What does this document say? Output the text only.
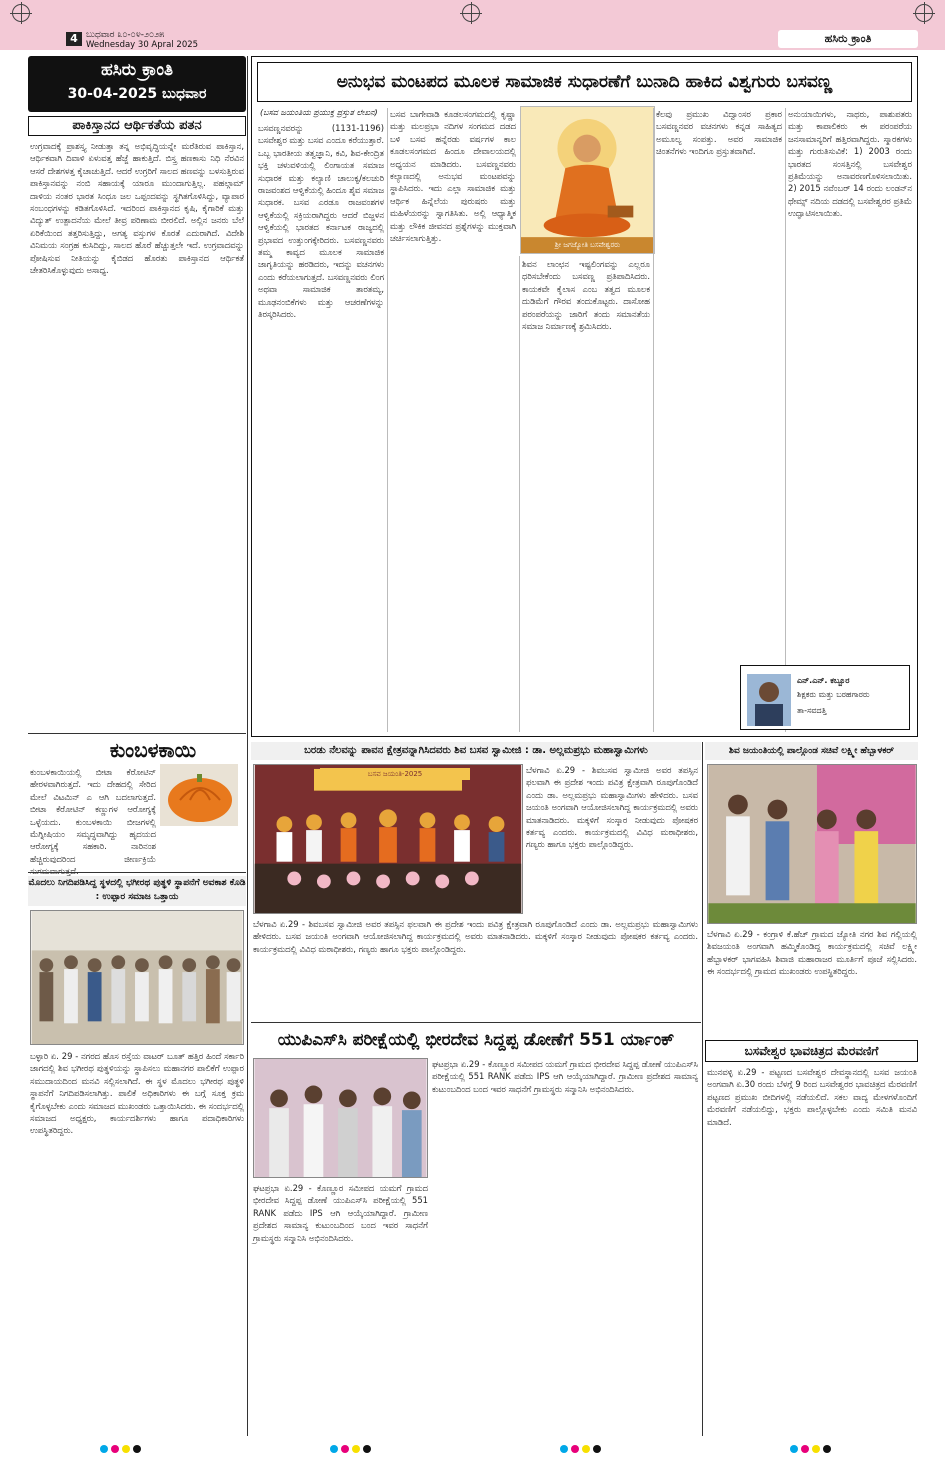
4 ಬುಧವಾರ ೩೦-೦೪-೨೦೨೫
Wednesday 30 Apral 2025	ಹಸಿರು ಕ್ರಾಂತಿ
ಹಸಿರು ಕ್ರಾಂತಿ
30-04-2025 ಬುಧವಾರ
ಪಾಕಿಸ್ತಾನದ ಆರ್ಥಿಕತೆಯ ಪತನ
ಉಗ್ರವಾದಕ್ಕೆ ಪ್ರಾಶಸ್ತ್ಯ ನೀಡುತ್ತಾ ತನ್ನ ಅಭಿವೃದ್ಧಿಯನ್ನೇ ಮರೆತಿರುವ ಪಾಕಿಸ್ತಾನ, ಆರ್ಥಿಕವಾಗಿ ದಿವಾಳಿ ಏಳುವತ್ತ ಹೆಜ್ಜೆ ಹಾಕುತ್ತಿದೆ. ಬಿಸ್ತ್ರ ಹಣಕಾಸು ನಿಧಿ ನೆರವಿನ ಆಸರೆ ದೇಶಗಳತ್ತ ಕೈಚಾಚುತ್ತಿದೆ. ಆದರೆ ಉಗ್ರರಿಗೆ ಸಾಲದ ಹಣವನ್ನು ಬಳಸುತ್ತಿರುವ ಪಾಕಿಸ್ತಾನವನ್ನು ನಂಬಿ ಸಹಾಯಕ್ಕೆ ಯಾರೂ ಮುಂದಾಗುತ್ತಿಲ್ಲ. ಪಹಲ್ಗಾಮ್ ದಾಳಿಯ ನಂತರ ಭಾರತ ಸಿಂಧೂ ಜಲ ಒಪ್ಪಂದವನ್ನು ಸ್ಥಗಿತಗೊಳಿಸಿದ್ದು, ವ್ಯಾಪಾರ ಸಂಬಂಧಗಳನ್ನು ಕಡಿತಗೊಳಿಸಿದೆ. ಇದರಿಂದ ಪಾಕಿಸ್ತಾನದ ಕೃಷಿ, ಕೈಗಾರಿಕೆ ಮತ್ತು ವಿದ್ಯುತ್ ಉತ್ಪಾದನೆಯ ಮೇಲೆ ತೀವ್ರ ಪರಿಣಾಮ ಬೀರಲಿದೆ. ಅಲ್ಲಿನ ಜನರು ಬೆಲೆ ಏರಿಕೆಯಿಂದ ತತ್ತರಿಸುತ್ತಿದ್ದು, ಅಗತ್ಯ ವಸ್ತುಗಳ ಕೊರತೆ ಎದುರಾಗಿದೆ. ವಿದೇಶಿ ವಿನಿಮಯ ಸಂಗ್ರಹ ಕುಸಿದಿದ್ದು, ಸಾಲದ ಹೊರೆ ಹೆಚ್ಚುತ್ತಲೇ ಇದೆ. ಉಗ್ರವಾದವನ್ನು ಪೋಷಿಸುವ ನೀತಿಯನ್ನು ಕೈಬಿಡದ ಹೊರತು ಪಾಕಿಸ್ತಾನದ ಆರ್ಥಿಕತೆ ಚೇತರಿಸಿಕೊಳ್ಳುವುದು ಅಸಾಧ್ಯ.
ಕುಂಬಳಕಾಯಿ
ಕುಂಬಳಕಾಯಿಯಲ್ಲಿ ಬೀಟಾ ಕೆರೋಟಿನ್ ಹೇರಳವಾಗಿರುತ್ತದೆ. ಇದು ದೇಹದಲ್ಲಿ ಸೇರಿದ ಮೇಲೆ ವಿಟಮಿನ್ ಎ ಆಗಿ ಬದಲಾಗುತ್ತದೆ. ಬೀಟಾ ಕೆರೋಟಿನ್ ಕಣ್ಣುಗಳ ಆರೋಗ್ಯಕ್ಕೆ ಒಳ್ಳೆಯದು. ಕುಂಬಳಕಾಯಿ ಬೀಜಗಳಲ್ಲಿ ಮೆಗ್ನೀಷಿಯಂ ಸಮೃದ್ಧವಾಗಿದ್ದು ಹೃದಯದ ಆರೋಗ್ಯಕ್ಕೆ ಸಹಕಾರಿ. ನಾರಿನಂಶ ಹೆಚ್ಚಿರುವುದರಿಂದ ಜೀರ್ಣಕ್ರಿಯೆ
ಮೊದಲು ನಿಗದಿಪಡಿಸಿದ್ದ ಸ್ಥಳದಲ್ಲಿ ಭಗೀರಥ ಪುತ್ಥಳಿ ಸ್ಥಾಪನೆಗೆ ಅವಕಾಶ ಕೊಡಿ : ಉಪ್ಪಾರ ಸಮಾಜ ಒತ್ತಾಯ
ಬಳ್ಳಾರಿ ಏ. 29 - ನಗರದ ಹೊಸ ರಸ್ತೆಯ ವಾಟರ್ ಬೂತ್ ಹತ್ತಿರ ಹಿಂದೆ ಸರ್ಕಾರಿ ಜಾಗದಲ್ಲಿ ಶಿವ ಭಗೀರಥ ಪುತ್ಥಳಿಯನ್ನು ಸ್ಥಾಪಿಸಲು ಮಹಾನಗರ ಪಾಲಿಕೆಗೆ ಉಪ್ಪಾರ ಸಮುದಾಯದಿಂದ ಮನವಿ ಸಲ್ಲಿಸಲಾಗಿದೆ. ಈ ಸ್ಥಳ ಮೊದಲು ಭಗೀರಥ ಪುತ್ಥಳಿ ಸ್ಥಾಪನೆಗೆ ನಿಗದಿಪಡಿಸಲಾಗಿತ್ತು. ಪಾಲಿಕೆ ಅಧಿಕಾರಿಗಳು ಈ ಬಗ್ಗೆ ಸೂಕ್ತ ಕ್ರಮ ಕೈಗೊಳ್ಳಬೇಕು ಎಂದು ಸಮಾಜದ ಮುಖಂಡರು ಒತ್ತಾಯಿಸಿದರು. ಈ ಸಂದರ್ಭದಲ್ಲಿ ಸಮಾಜದ ಅಧ್ಯಕ್ಷರು, ಕಾರ್ಯದರ್ಶಿಗಳು ಹಾಗೂ ಪದಾಧಿಕಾರಿಗಳು ಉಪಸ್ಥಿತರಿದ್ದರು.
ಅನುಭವ ಮಂಟಪದ ಮೂಲಕ ಸಾಮಾಜಿಕ ಸುಧಾರಣೆಗೆ ಬುನಾದಿ ಹಾಕಿದ ವಿಶ್ವಗುರು ಬಸವಣ್ಣ
(ಬಸವ ಜಯಂತಿಯ ಪ್ರಯುಕ್ತ ಪ್ರಸ್ತುತ ಲೇಖನ)
ಬಸವಣ್ಣನವರನ್ನು (1131-1196) ಬಸವೇಶ್ವರ ಮತ್ತು ಬಸವ ಎಂದೂ ಕರೆಯುತ್ತಾರೆ. ಒಬ್ಬ ಭಾರತೀಯ ತತ್ವಜ್ಞಾನಿ, ಕವಿ, ಶಿವ-ಕೇಂದ್ರಿತ ಭಕ್ತಿ ಚಳುವಳಿಯಲ್ಲಿ ಲಿಂಗಾಯತ ಸಮಾಜ ಸುಧಾರಕ ಮತ್ತು ಕಲ್ಯಾಣಿ ಚಾಲುಕ್ಯ/ಕಲಚುರಿ ರಾಜವಂಶದ ಆಳ್ವಿಕೆಯಲ್ಲಿ ಹಿಂದೂ ಶೈವ ಸಮಾಜ ಸುಧಾರಕ. ಬಸವ ಎರಡೂ ರಾಜವಂಶಗಳ ಆಳ್ವಿಕೆಯಲ್ಲಿ ಸಕ್ರಿಯರಾಗಿದ್ದರು ಆದರೆ ಬಿಜ್ಜಳನ ಆಳ್ವಿಕೆಯಲ್ಲಿ ಭಾರತದ ಕರ್ನಾಟಕ ರಾಜ್ಯದಲ್ಲಿ ಪ್ರಭಾವದ ಉತ್ತುಂಗಕ್ಕೇರಿದರು. ಬಸವಣ್ಣನವರು ತಮ್ಮ ಕಾವ್ಯದ ಮೂಲಕ ಸಾಮಾಜಿಕ ಜಾಗೃತಿಯನ್ನು ಹರಡಿದರು, ಇದನ್ನು ವಚನಗಳು ಎಂದು ಕರೆಯಲಾಗುತ್ತದೆ. ಬಸವಣ್ಣನವರು ಲಿಂಗ ಅಥವಾ ಸಾಮಾಜಿಕ ತಾರತಮ್ಯ, ಮೂಢನಂಬಿಕೆಗಳು ಮತ್ತು ಆಚರಣೆಗಳನ್ನು ತಿರಸ್ಕರಿಸಿದರು.
ಬಸವ ಬಾಗೇವಾಡಿ ಕೂಡಲಸಂಗಮದಲ್ಲಿ ಕೃಷ್ಣಾ ಮತ್ತು ಮಲಪ್ರಭಾ ನದಿಗಳ ಸಂಗಮದ ದಡದ ಬಳಿ ಬಸವ ಹನ್ನೆರಡು ವರ್ಷಗಳ ಕಾಲ ಕೂಡಲಸಂಗಮದ ಹಿಂದೂ ದೇವಾಲಯದಲ್ಲಿ ಅಧ್ಯಯನ ಮಾಡಿದರು. ಬಸವಣ್ಣನವರು ಕಲ್ಯಾಣದಲ್ಲಿ ಅನುಭವ ಮಂಟಪವನ್ನು ಸ್ಥಾಪಿಸಿದರು. ಇದು ಎಲ್ಲಾ ಸಾಮಾಜಿಕ ಮತ್ತು ಆರ್ಥಿಕ ಹಿನ್ನೆಲೆಯ ಪುರುಷರು ಮತ್ತು ಮಹಿಳೆಯರನ್ನು ಸ್ವಾಗತಿಸಿತು. ಅಲ್ಲಿ ಆಧ್ಯಾತ್ಮಿಕ ಮತ್ತು ಲೌಕಿಕ ಜೀವನದ ಪ್ರಶ್ನೆಗಳನ್ನು ಮುಕ್ತವಾಗಿ ಚರ್ಚಿಸಲಾಗುತ್ತಿತ್ತು.
ಶ್ರೀ ಜಗಜ್ಯೋತಿ ಬಸವೇಶ್ವರರು
ಶಿವನ ಲಾಂಛನ ಇಷ್ಟಲಿಂಗವನ್ನು ಎಲ್ಲರೂ ಧರಿಸಬೇಕೆಂದು ಬಸವಣ್ಣ ಪ್ರತಿಪಾದಿಸಿದರು. ಕಾಯಕವೇ ಕೈಲಾಸ ಎಂಬ ತತ್ವದ ಮೂಲಕ ದುಡಿಮೆಗೆ ಗೌರವ ತಂದುಕೊಟ್ಟರು. ದಾಸೋಹ ಪರಂಪರೆಯನ್ನು ಜಾರಿಗೆ ತಂದು ಸಮಾನತೆಯ ಸಮಾಜ ನಿರ್ಮಾಣಕ್ಕೆ ಶ್ರಮಿಸಿದರು.
ಕೆಲವು ಪ್ರಮುಖ ವಿದ್ವಾಂಸರ ಪ್ರಕಾರ ಬಸವಣ್ಣನವರ ವಚನಗಳು ಕನ್ನಡ ಸಾಹಿತ್ಯದ ಅಮೂಲ್ಯ ಸಂಪತ್ತು. ಅವರ ಸಾಮಾಜಿಕ ಚಿಂತನೆಗಳು ಇಂದಿಗೂ ಪ್ರಸ್ತುತವಾಗಿವೆ.
ಅನುಯಾಯಿಗಳು, ನಾಥರು, ಪಾಶುಪತರು ಮತ್ತು ಕಾಪಾಲಿಕರು ಈ ಪರಂಪರೆಯ ಜನಸಾಮಾನ್ಯರಿಗೆ ಹತ್ತಿರವಾಗಿದ್ದರು. ಸ್ಮಾರಕಗಳು ಮತ್ತು ಗುರುತಿಸುವಿಕೆ: 1) 2003 ರಂದು ಭಾರತದ ಸಂಸತ್ತಿನಲ್ಲಿ ಬಸವೇಶ್ವರ ಪ್ರತಿಮೆಯನ್ನು ಅನಾವರಣಗೊಳಿಸಲಾಯಿತು. 2) 2015 ನವೆಂಬರ್ 14 ರಂದು ಲಂಡನ್‌ನ ಥೇಮ್ಸ್ ನದಿಯ ದಡದಲ್ಲಿ ಬಸವೇಶ್ವರರ ಪ್ರತಿಮೆ ಉದ್ಘಾಟಿಸಲಾಯಿತು.
ಎನ್.ಎನ್. ಕಬ್ಬೂರ
ಶಿಕ್ಷಕರು ಮತ್ತು ಬರಹಗಾರರು
ತಾ-ಸವದತ್ತಿ
ಬರಡು ನೆಲವನ್ನು ಪಾವನ ಕ್ಷೇತ್ರವನ್ನಾಗಿಸಿದವರು ಶಿವ ಬಸವ ಸ್ವಾಮೀಜಿ : ಡಾ. ಅಲ್ಲಮಪ್ರಭು ಮಹಾಸ್ವಾಮಿಗಳು
ಬಸವ ಜಯಂತಿ-2025	ಬೆಳಗಾವಿ ಏ.29 - ಶಿವಬಸವ ಸ್ವಾಮೀಜಿ ಅವರ ತಪಸ್ಸಿನ ಫಲವಾಗಿ ಈ ಪ್ರದೇಶ ಇಂದು ಪವಿತ್ರ ಕ್ಷೇತ್ರವಾಗಿ ರೂಪುಗೊಂಡಿದೆ ಎಂದು ಡಾ. ಅಲ್ಲಮಪ್ರಭು ಮಹಾಸ್ವಾಮಿಗಳು ಹೇಳಿದರು. ಬಸವ ಜಯಂತಿ ಅಂಗವಾಗಿ ಆಯೋಜಿಸಲಾಗಿದ್ದ ಕಾರ್ಯಕ್ರಮದಲ್ಲಿ ಅವರು ಮಾತನಾಡಿದರು. ಮಕ್ಕಳಿಗೆ ಸಂಸ್ಕಾರ ನೀಡುವುದು ಪೋಷಕರ ಕರ್ತವ್ಯ ಎಂದರು. ಕಾರ್ಯಕ್ರಮದಲ್ಲಿ ವಿವಿಧ ಮಠಾಧೀಶರು, ಗಣ್ಯರು ಹಾಗೂ ಭಕ್ತರು ಪಾಲ್ಗೊಂಡಿದ್ದರು.
ಬೆಳಗಾವಿ ಏ.29 - ಶಿವಬಸವ ಸ್ವಾಮೀಜಿ ಅವರ ತಪಸ್ಸಿನ ಫಲವಾಗಿ ಈ ಪ್ರದೇಶ ಇಂದು ಪವಿತ್ರ ಕ್ಷೇತ್ರವಾಗಿ ರೂಪುಗೊಂಡಿದೆ ಎಂದು ಡಾ. ಅಲ್ಲಮಪ್ರಭು ಮಹಾಸ್ವಾಮಿಗಳು ಹೇಳಿದರು. ಬಸವ ಜಯಂತಿ ಅಂಗವಾಗಿ ಆಯೋಜಿಸಲಾಗಿದ್ದ ಕಾರ್ಯಕ್ರಮದಲ್ಲಿ ಅವರು ಮಾತನಾಡಿದರು. ಮಕ್ಕಳಿಗೆ ಸಂಸ್ಕಾರ ನೀಡುವುದು ಪೋಷಕರ ಕರ್ತವ್ಯ ಎಂದರು. ಕಾರ್ಯಕ್ರಮದಲ್ಲಿ ವಿವಿಧ ಮಠಾಧೀಶರು, ಗಣ್ಯರು ಹಾಗೂ ಭಕ್ತರು ಪಾಲ್ಗೊಂಡಿದ್ದರು.
ಯುಪಿಎಸ್‌ಸಿ ಪರೀಕ್ಷೆಯಲ್ಲಿ ಭೀರದೇವ ಸಿದ್ದಪ್ಪ ಡೋಣೆಗೆ 551 ರ್ಯಾಂಕ್
ಘಟಪ್ರಭಾ ಏ.29 - ಕೊಣ್ಣೂರ ಸಮೀಪದ ಯಮಗೆ ಗ್ರಾಮದ ಭೀರದೇವ ಸಿದ್ದಪ್ಪ ಡೋಣೆ ಯುಪಿಎಸ್‌ಸಿ ಪರೀಕ್ಷೆಯಲ್ಲಿ 551 RANK ಪಡೆದು IPS ಆಗಿ ಆಯ್ಕೆಯಾಗಿದ್ದಾರೆ. ಗ್ರಾಮೀಣ ಪ್ರದೇಶದ ಸಾಮಾನ್ಯ ಕುಟುಂಬದಿಂದ ಬಂದ ಇವರ ಸಾಧನೆಗೆ ಗ್ರಾಮಸ್ಥರು ಸನ್ಮಾನಿಸಿ ಅಭಿನಂದಿಸಿದರು.
ಘಟಪ್ರಭಾ ಏ.29 - ಕೊಣ್ಣೂರ ಸಮೀಪದ ಯಮಗೆ ಗ್ರಾಮದ ಭೀರದೇವ ಸಿದ್ದಪ್ಪ ಡೋಣೆ ಯುಪಿಎಸ್‌ಸಿ ಪರೀಕ್ಷೆಯಲ್ಲಿ 551 RANK ಪಡೆದು IPS ಆಗಿ ಆಯ್ಕೆಯಾಗಿದ್ದಾರೆ. ಗ್ರಾಮೀಣ ಪ್ರದೇಶದ ಸಾಮಾನ್ಯ ಕುಟುಂಬದಿಂದ ಬಂದ ಇವರ ಸಾಧನೆಗೆ ಗ್ರಾಮಸ್ಥರು ಸನ್ಮಾನಿಸಿ ಅಭಿನಂದಿಸಿದರು.
ಶಿವ ಜಯಂತಿಯಲ್ಲಿ ಪಾಲ್ಗೊಂಡ ಸಚಿವೆ ಲಕ್ಷ್ಮೀ ಹೆಬ್ಬಾಳಕರ್
ಬೆಳಗಾವಿ ಏ.29 - ಕಂಗ್ರಾಳಿ ಕೆ.ಹೆಚ್ ಗ್ರಾಮದ ಜ್ಯೋತಿ ನಗರ ಶಿವ ಗಲ್ಲಿಯಲ್ಲಿ ಶಿವಜಯಂತಿ ಅಂಗವಾಗಿ ಹಮ್ಮಿಕೊಂಡಿದ್ದ ಕಾರ್ಯಕ್ರಮದಲ್ಲಿ ಸಚಿವೆ ಲಕ್ಷ್ಮೀ ಹೆಬ್ಬಾಳಕರ್ ಭಾಗವಹಿಸಿ ಶಿವಾಜಿ ಮಹಾರಾಜರ ಮೂರ್ತಿಗೆ ಪೂಜೆ ಸಲ್ಲಿಸಿದರು. ಈ ಸಂದರ್ಭದಲ್ಲಿ ಗ್ರಾಮದ ಮುಖಂಡರು ಉಪಸ್ಥಿತರಿದ್ದರು.
ಬಸವೇಶ್ವರ ಭಾವಚಿತ್ರದ ಮೆರವಣಿಗೆ
ಮುನವಳ್ಳಿ ಏ.29 - ಪಟ್ಟಣದ ಬಸವೇಶ್ವರ ದೇವಸ್ಥಾನದಲ್ಲಿ ಬಸವ ಜಯಂತಿ ಅಂಗವಾಗಿ ಏ.30 ರಂದು ಬೆಳಗ್ಗೆ 9 ರಿಂದ ಬಸವೇಶ್ವರರ ಭಾವಚಿತ್ರದ ಮೆರವಣಿಗೆ ಪಟ್ಟಣದ ಪ್ರಮುಖ ಬೀದಿಗಳಲ್ಲಿ ನಡೆಯಲಿದೆ. ಸಕಲ ವಾದ್ಯ ಮೇಳಗಳೊಂದಿಗೆ ಮೆರವಣಿಗೆ ನಡೆಯಲಿದ್ದು, ಭಕ್ತರು ಪಾಲ್ಗೊಳ್ಳಬೇಕು ಎಂದು ಸಮಿತಿ ಮನವಿ ಮಾಡಿದೆ.
